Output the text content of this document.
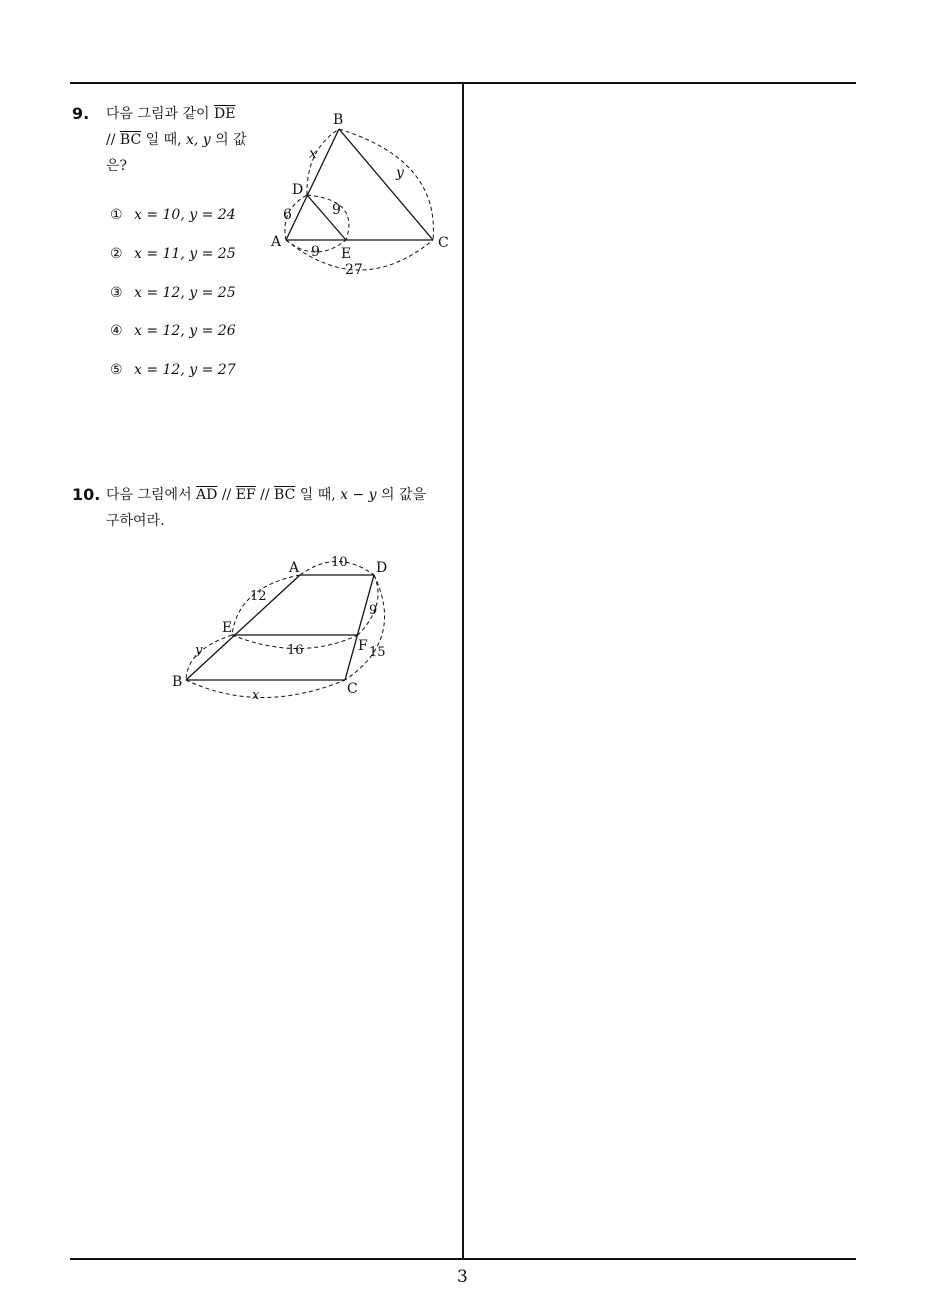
9. 다음 그림과 같이 $\overline{DE}$
// $\overline{BC}$ 일 때, x, y 의 값
은?
① x = 10, y = 24
② x = 11, y = 25
③ x = 12, y = 25
④ x = 12, y = 26
⑤ x = 12, y = 27
B
D
A
E
C
x
y
6	9
9
27
10. 다음 그림에서 $\overline{AD} // \overline{EF} // \overline{BC}$ 일 때, x − y 의 값을
구하여라.
A	D
E
F
B	C
10
12
9
16	15
y
x
3
